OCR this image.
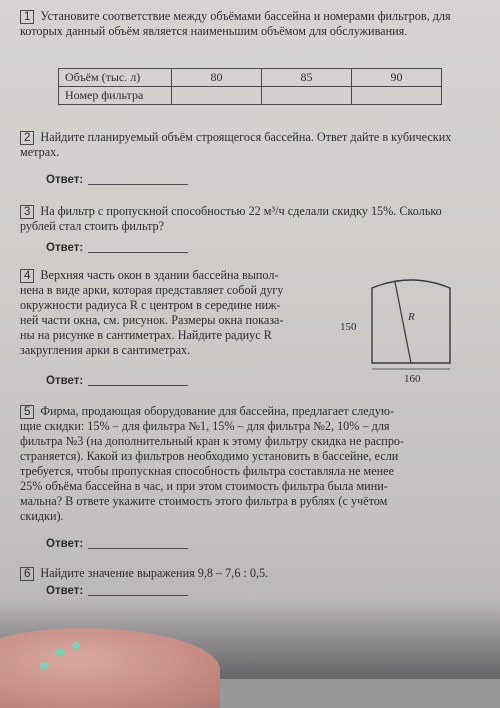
1 Установите соответствие между объёмами бассейна и номерами фильтров, для которых данный объём является наименьшим объёмом для обслуживания.
Объём (тыс. л)	80	85	90
Номер фильтра			
2 Найдите планируемый объём строящегося бассейна. Ответ дайте в кубических метрах.
Ответ:
3 На фильтр с пропускной способностью 22 м³/ч сделали скидку 15%. Сколько рублей стал стоить фильтр?
Ответ:
4 Верхняя часть окон в здании бассейна выпол-
нена в виде арки, которая представляет собой дугу
окружности радиуса R с центром в середине ниж-
ней части окна, см. рисунок. Размеры окна показа-
ны на рисунке в сантиметрах. Найдите радиус R
закругления арки в сантиметрах.
Ответ:
150
160
R
5 Фирма, продающая оборудование для бассейна, предлагает следую-
щие скидки: 15% – для фильтра №1, 15% – для фильтра №2, 10% – для
фильтра №3 (на дополнительный кран к этому фильтру скидка не распро-
страняется). Какой из фильтров необходимо установить в бассейне, если
требуется, чтобы пропускная способность фильтра составляла не менее
25% объёма бассейна в час, и при этом стоимость фильтра была мини-
мальна? В ответе укажите стоимость этого фильтра в рублях (с учётом
скидки).
Ответ:
6 Найдите значение выражения 9,8 – 7,6 : 0,5.
Ответ:
